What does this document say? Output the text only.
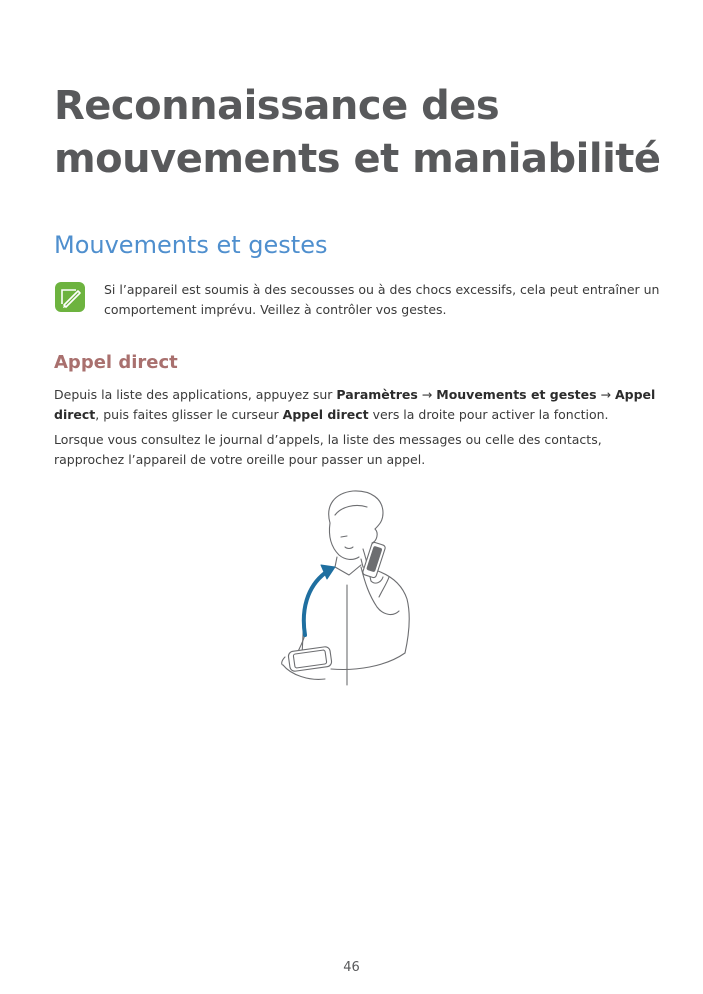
Reconnaissance des
mouvements et maniabilité
Mouvements et gestes

Si l’appareil est soumis à des secousses ou à des chocs excessifs, cela peut entraîner un comportement imprévu. Veillez à contrôler vos gestes.

Appel direct

Depuis la liste des applications, appuyez sur Paramètres → Mouvements et gestes → Appel direct, puis faites glisser le curseur Appel direct vers la droite pour activer la fonction.

Lorsque vous consultez le journal d’appels, la liste des messages ou celle des contacts, rapprochez l’appareil de votre oreille pour passer un appel.

46
